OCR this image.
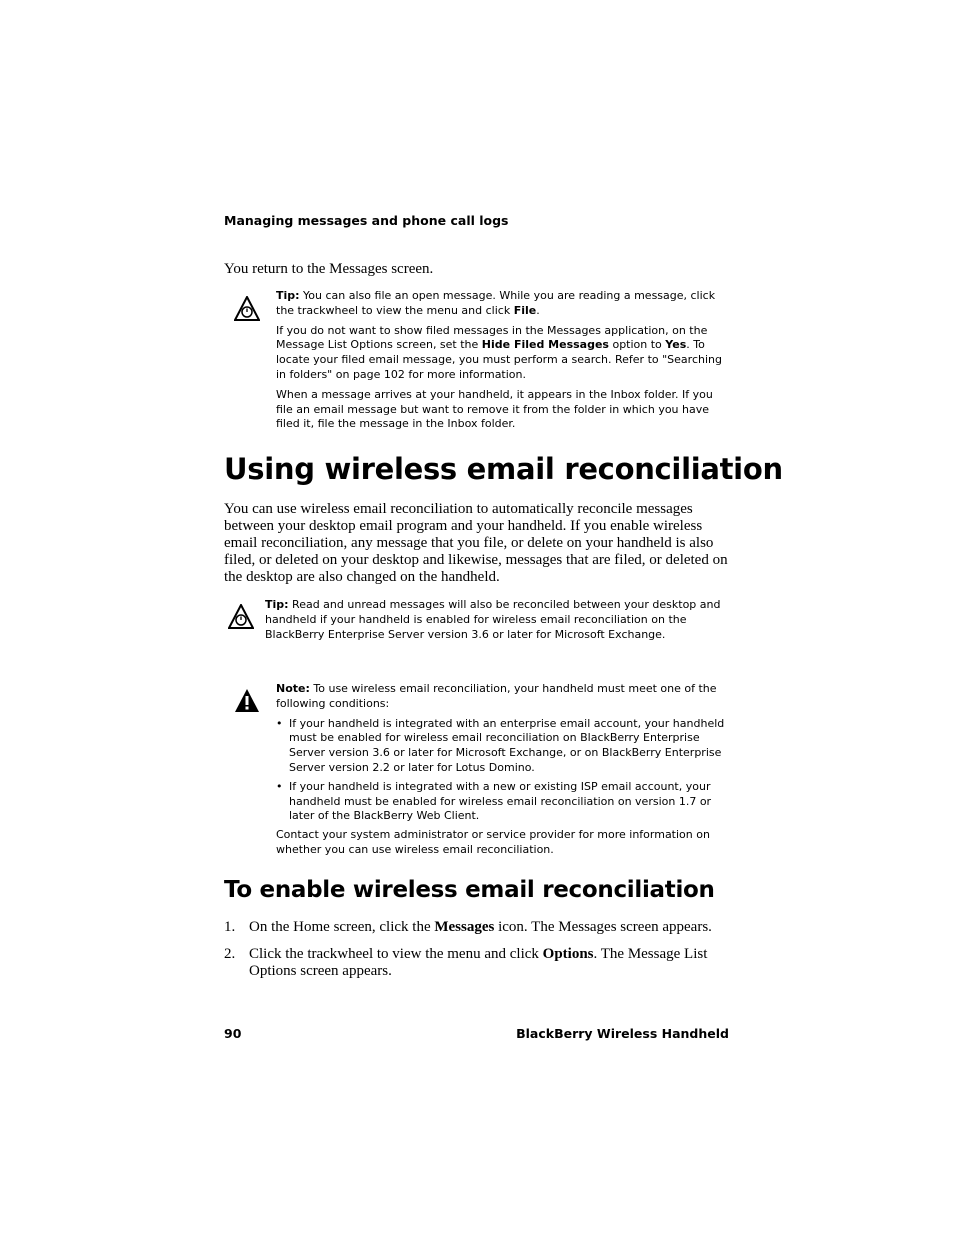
Managing messages and phone call logs
You return to the Messages screen.

Tip: You can also file an open message. While you are reading a message, click the trackwheel to view the menu and click File.

If you do not want to show filed messages in the Messages application, on the Message List Options screen, set the Hide Filed Messages option to Yes. To locate your filed email message, you must perform a search. Refer to "Searching in folders" on page 102 for more information.

When a message arrives at your handheld, it appears in the Inbox folder. If you file an email message but want to remove it from the folder in which you have filed it, file the message in the Inbox folder.

Using wireless email reconciliation
You can use wireless email reconciliation to automatically reconcile messages between your desktop email program and your handheld. If you enable wireless email reconciliation, any message that you file, or delete on your handheld is also filed, or deleted on your desktop and likewise, messages that are filed, or deleted on the desktop are also changed on the handheld.

Tip: Read and unread messages will also be reconciled between your desktop and handheld if your handheld is enabled for wireless email reconciliation on the BlackBerry Enterprise Server version 3.6 or later for Microsoft Exchange.

Note: To use wireless email reconciliation, your handheld must meet one of the following conditions:

• If your handheld is integrated with an enterprise email account, your handheld must be enabled for wireless email reconciliation on BlackBerry Enterprise Server version 3.6 or later for Microsoft Exchange, or on BlackBerry Enterprise Server version 2.2 or later for Lotus Domino.
• If your handheld is integrated with a new or existing ISP email account, your handheld must be enabled for wireless email reconciliation on version 1.7 or later of the BlackBerry Web Client.

Contact your system administrator or service provider for more information on whether you can use wireless email reconciliation.

To enable wireless email reconciliation
1. On the Home screen, click the Messages icon. The Messages screen appears.
2. Click the trackwheel to view the menu and click Options. The Message List Options screen appears.
90	BlackBerry Wireless Handheld
